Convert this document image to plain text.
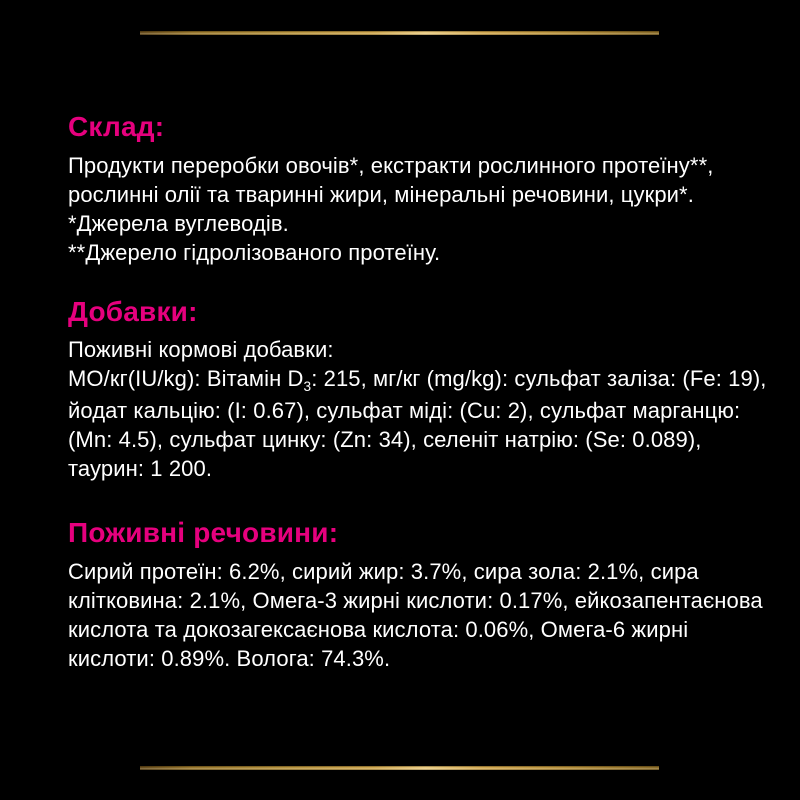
Склад:

Продукти переробки овочів*, екстракти рослинного протеїну**, рослинні олії та тваринні жири, мінеральні речовини, цукри*.

*Джерела вуглеводів.

**Джерело гідролізованого протеїну.

Добавки:

Поживні кормові добавки:

МО/кг(IU/kg): Вітамін $D_3$: 215, мг/кг (mg/kg): сульфат заліза: (Fe: 19), йодат кальцію: (I: 0.67), сульфат міді: (Cu: 2), сульфат марганцю: (Mn: 4.5), сульфат цинку: (Zn: 34), селеніт натрію: (Se: 0.089), таурин: 1 200.

Поживні речовини:

Сирий протеїн: 6.2%, сирий жир: 3.7%, сира зола: 2.1%, сира клітковина: 2.1%, Омега-3 жирні кислоти: 0.17%, ейкозапентаєнова кислота та докозагексаєнова кислота: 0.06%, Омега-6 жирні кислоти: 0.89%. Волога: 74.3%.
